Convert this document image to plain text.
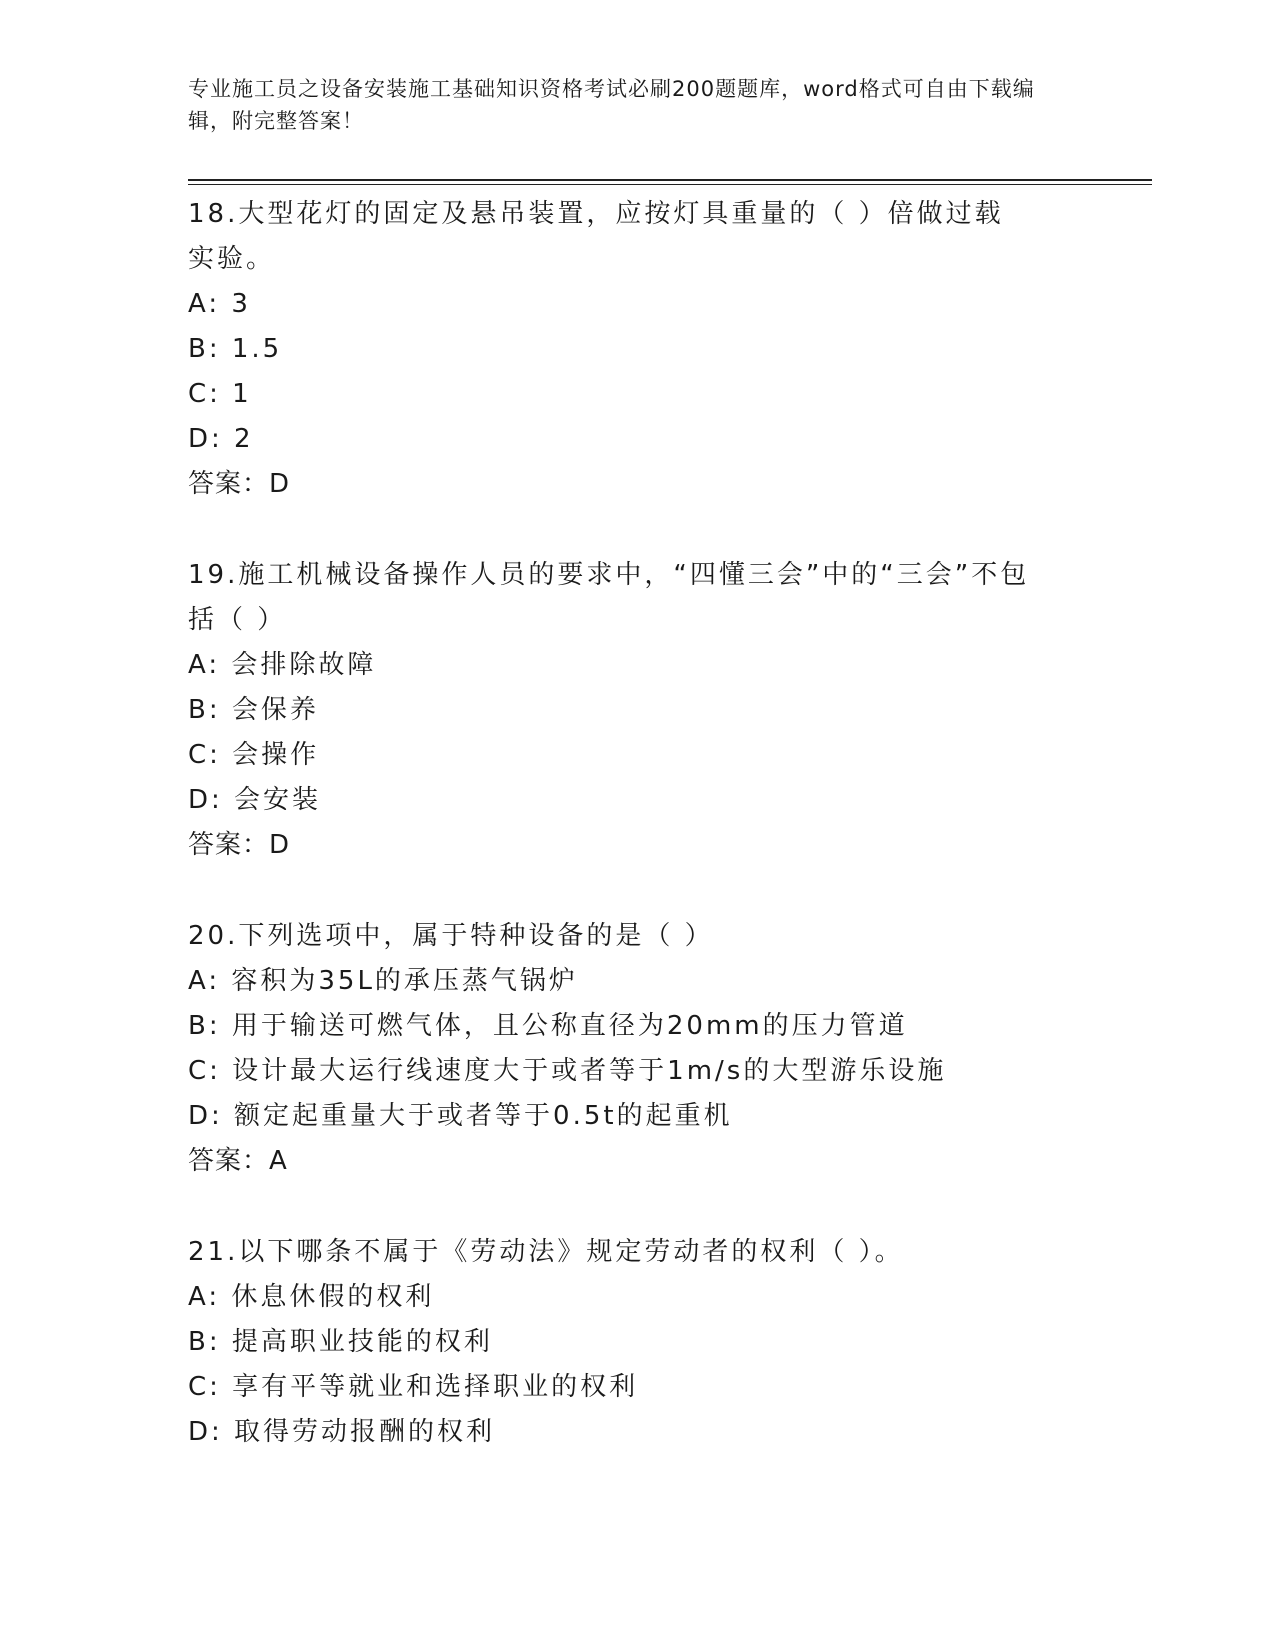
专业施工员之设备安装施工基础知识资格考试必刷200题题库，word格式可自由下载编辑，附完整答案！

18.大型花灯的固定及悬吊装置，应按灯具重量的（ ）倍做过载实验。

A: 3

B: 1.5

C: 1

D: 2

答案：D

19.施工机械设备操作人员的要求中，“四懂三会”中的“三会”不包括（ ）

A: 会排除故障

B: 会保养

C: 会操作

D: 会安装

答案：D

20.下列选项中，属于特种设备的是（ ）

A: 容积为35L的承压蒸气锅炉

B: 用于输送可燃气体，且公称直径为20mm的压力管道

C: 设计最大运行线速度大于或者等于1m/s的大型游乐设施

D: 额定起重量大于或者等于0.5t的起重机

答案：A

21.以下哪条不属于《劳动法》规定劳动者的权利（ ）。

A: 休息休假的权利

B: 提高职业技能的权利

C: 享有平等就业和选择职业的权利

D: 取得劳动报酬的权利
